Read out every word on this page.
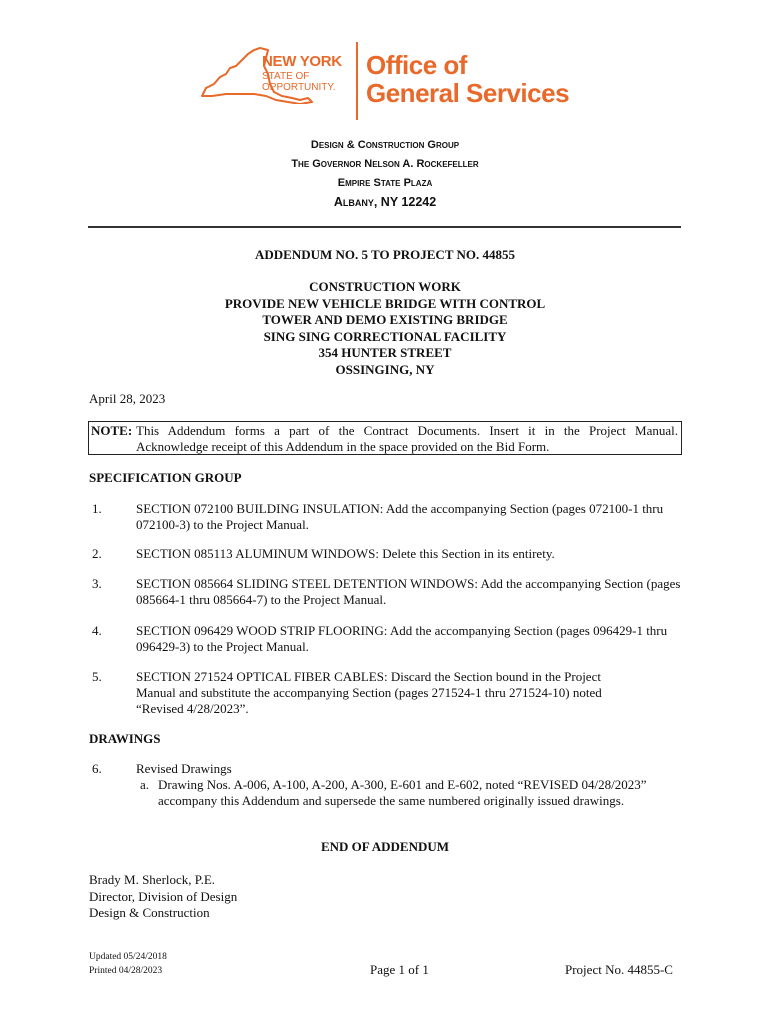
NEW YORK
STATE OF
OPPORTUNITY.
Office of
General Services
Design & Construction Group
The Governor Nelson A. Rockefeller
Empire State Plaza
Albany, NY 12242
ADDENDUM NO. 5 TO PROJECT NO. 44855
CONSTRUCTION WORK
PROVIDE NEW VEHICLE BRIDGE WITH CONTROL
TOWER AND DEMO EXISTING BRIDGE
SING SING CORRECTIONAL FACILITY
354 HUNTER STREET
OSSINGING, NY
April 28, 2023
NOTE: This Addendum forms a part of the Contract Documents. Insert it in the Project Manual.
Acknowledge receipt of this Addendum in the space provided on the Bid Form.
SPECIFICATION GROUP
1.	SECTION 072100 BUILDING INSULATION: Add the accompanying Section (pages 072100-1 thru 072100-3) to the Project Manual.
2.	SECTION 085113 ALUMINUM WINDOWS: Delete this Section in its entirety.
3.	SECTION 085664 SLIDING STEEL DETENTION WINDOWS: Add the accompanying Section (pages 085664-1 thru 085664-7) to the Project Manual.
4.	SECTION 096429 WOOD STRIP FLOORING: Add the accompanying Section (pages 096429-1 thru 096429-3) to the Project Manual.
5.	SECTION 271524 OPTICAL FIBER CABLES: Discard the Section bound in the Project Manual and substitute the accompanying Section (pages 271524-1 thru 271524-10) noted “Revised 4/28/2023”.
DRAWINGS
6.	Revised Drawings
a. Drawing Nos. A-006, A-100, A-200, A-300, E-601 and E-602, noted “REVISED 04/28/2023” accompany this Addendum and supersede the same numbered originally issued drawings.
END OF ADDENDUM
Brady M. Sherlock, P.E.
Director, Division of Design
Design & Construction
Updated 05/24/2018
Printed 04/28/2023	Page 1 of 1	Project No. 44855-C
